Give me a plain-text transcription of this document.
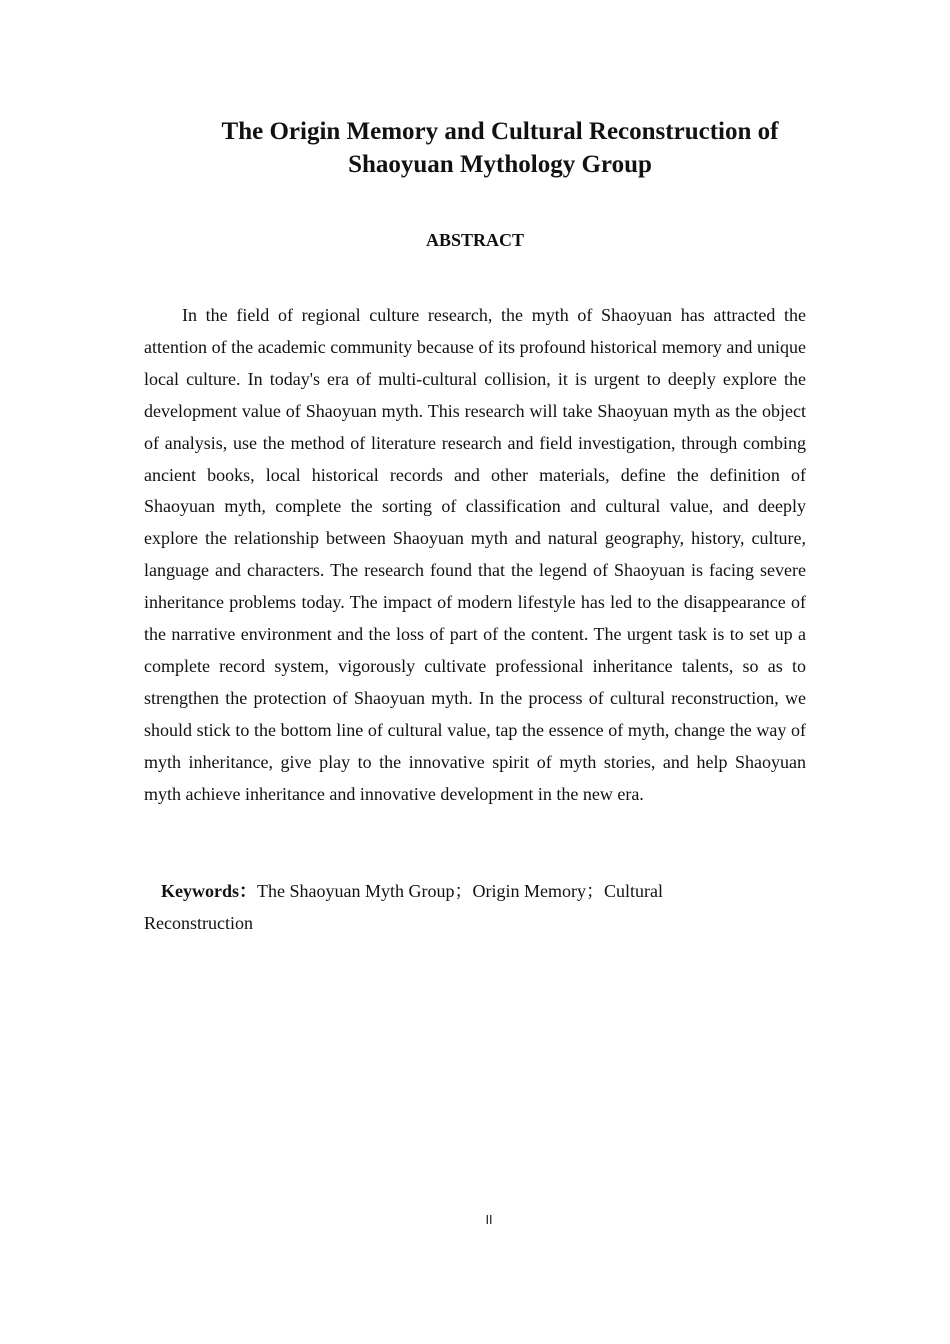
The Origin Memory and Cultural Reconstruction of
Shaoyuan Mythology Group
ABSTRACT

In the field of regional culture research, the myth of Shaoyuan has attracted the attention of the academic community because of its profound historical memory and unique local culture. In today's era of multi-cultural collision, it is urgent to deeply explore the development value of Shaoyuan myth. This research will take Shaoyuan myth as the object of analysis, use the method of literature research and field investigation, through combing ancient books, local historical records and other materials, define the definition of Shaoyuan myth, complete the sorting of classification and cultural value, and deeply explore the relationship between Shaoyuan myth and natural geography, history, culture, language and characters. The research found that the legend of Shaoyuan is facing severe inheritance problems today. The impact of modern lifestyle has led to the disappearance of the narrative environment and the loss of part of the content. The urgent task is to set up a complete record system, vigorously cultivate professional inheritance talents, so as to strengthen the protection of Shaoyuan myth. In the process of cultural reconstruction, we should stick to the bottom line of cultural value, tap the essence of myth, change the way of myth inheritance, give play to the innovative spirit of myth stories, and help Shaoyuan myth achieve inheritance and innovative development in the new era.

Keywords：The Shaoyuan Myth Group；Origin Memory；Cultural Reconstruction

II
